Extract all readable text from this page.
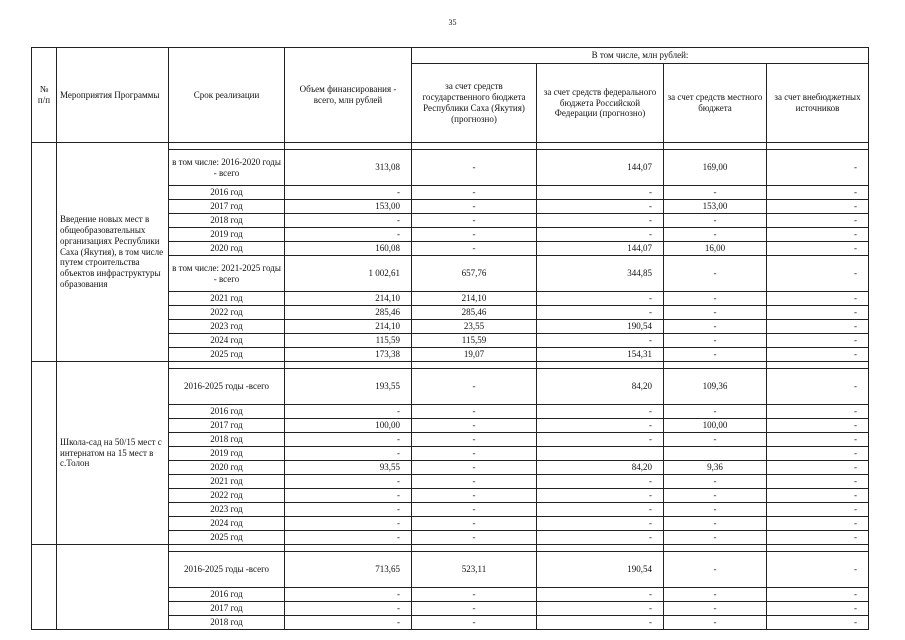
35
№ п/п	Мероприятия Программы	Срок реализации	Объем финансирования - всего, млн рублей	В том числе, млн рублей:			
				за счет средств государственного бюджета Республики Саха (Якутия) (прогнозно)	за счет средств федерального бюджета Российской Федерации (прогнозно)	за счет средств местного бюджета	за счет внебюджетных источников
	Введение новых мест в общеобразовательных организациях Республики Саха (Якутия), в том числе путем строительства объектов инфраструктуры образования						
		в том числе: 2016-2020 годы - всего	313,08	-	144,07	169,00	-
		2016 год	-	-	-	-	-
		2017 год	153,00	-	-	153,00	-
		2018 год	-	-	-	-	-
		2019 год	-	-	-	-	-
		2020 год	160,08	-	144,07	16,00	-
		в том числе: 2021-2025 годы - всего	1 002,61	657,76	344,85	-	-
		2021 год	214,10	214,10	-	-	-
		2022 год	285,46	285,46	-	-	-
		2023 год	214,10	23,55	190,54	-	-
		2024 год	115,59	115,59	-	-	-
		2025 год	173,38	19,07	154,31	-	-
	Школа-сад на 50/15 мест с интернатом на 15 мест в с.Толон						
		2016-2025 годы -всего	193,55	-	84,20	109,36	-
		2016 год	-	-	-	-	-
		2017 год	100,00	-	-	100,00	-
		2018 год	-	-	-	-	-
		2019 год	-	-			-
		2020 год	93,55	-	84,20	9,36	-
		2021 год	-	-	-	-	-
		2022 год	-	-	-	-	-
		2023 год	-	-	-	-	-
		2024 год	-	-	-	-	-
		2025 год	-	-	-	-	-

		2016-2025 годы -всего	713,65	523,11	190,54	-	-
		2016 год	-	-	-	-	-
		2017 год	-	-	-	-	-
		2018 год	-	-	-	-	-
